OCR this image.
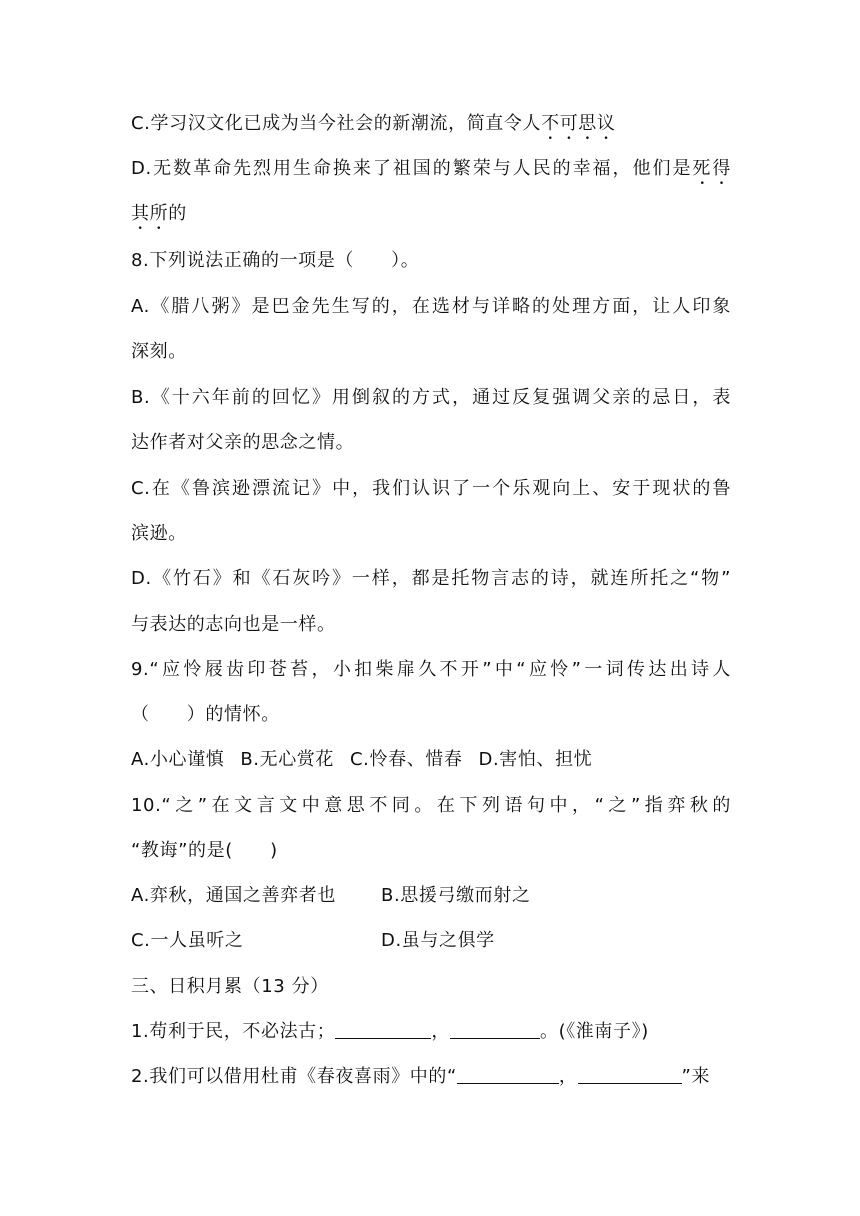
C.学习汉文化已成为当今社会的新潮流，简直令人不可思议
D.无数革命先烈用生命换来了祖国的繁荣与人民的幸福，他们是死得
其所的
8.下列说法正确的一项是（　　）。
A.《腊八粥》是巴金先生写的，在选材与详略的处理方面，让人印象
深刻。
B.《十六年前的回忆》用倒叙的方式，通过反复强调父亲的忌日，表
达作者对父亲的思念之情。
C.在《鲁滨逊漂流记》中，我们认识了一个乐观向上、安于现状的鲁
滨逊。
D.《竹石》和《石灰吟》一样，都是托物言志的诗，就连所托之“物”
与表达的志向也是一样。
9.“应怜屐齿印苍苔，小扣柴扉久不开”中“应怜”一词传达出诗人
（　　）的情怀。
A.小心谨慎 B.无心赏花 C.怜春、惜春 D.害怕、担忧
10.“之”在文言文中意思不同。在下列语句中，“之”指弈秋的
“教诲”的是(　　)
A.弈秋，通国之善弈者也	B.思援弓缴而射之
C.一人虽听之	D.虽与之俱学
三、日积月累（13 分）
1.苟利于民，不必法古；	，	。(《淮南子》)
2.我们可以借用杜甫《春夜喜雨》中的“	，	”来
